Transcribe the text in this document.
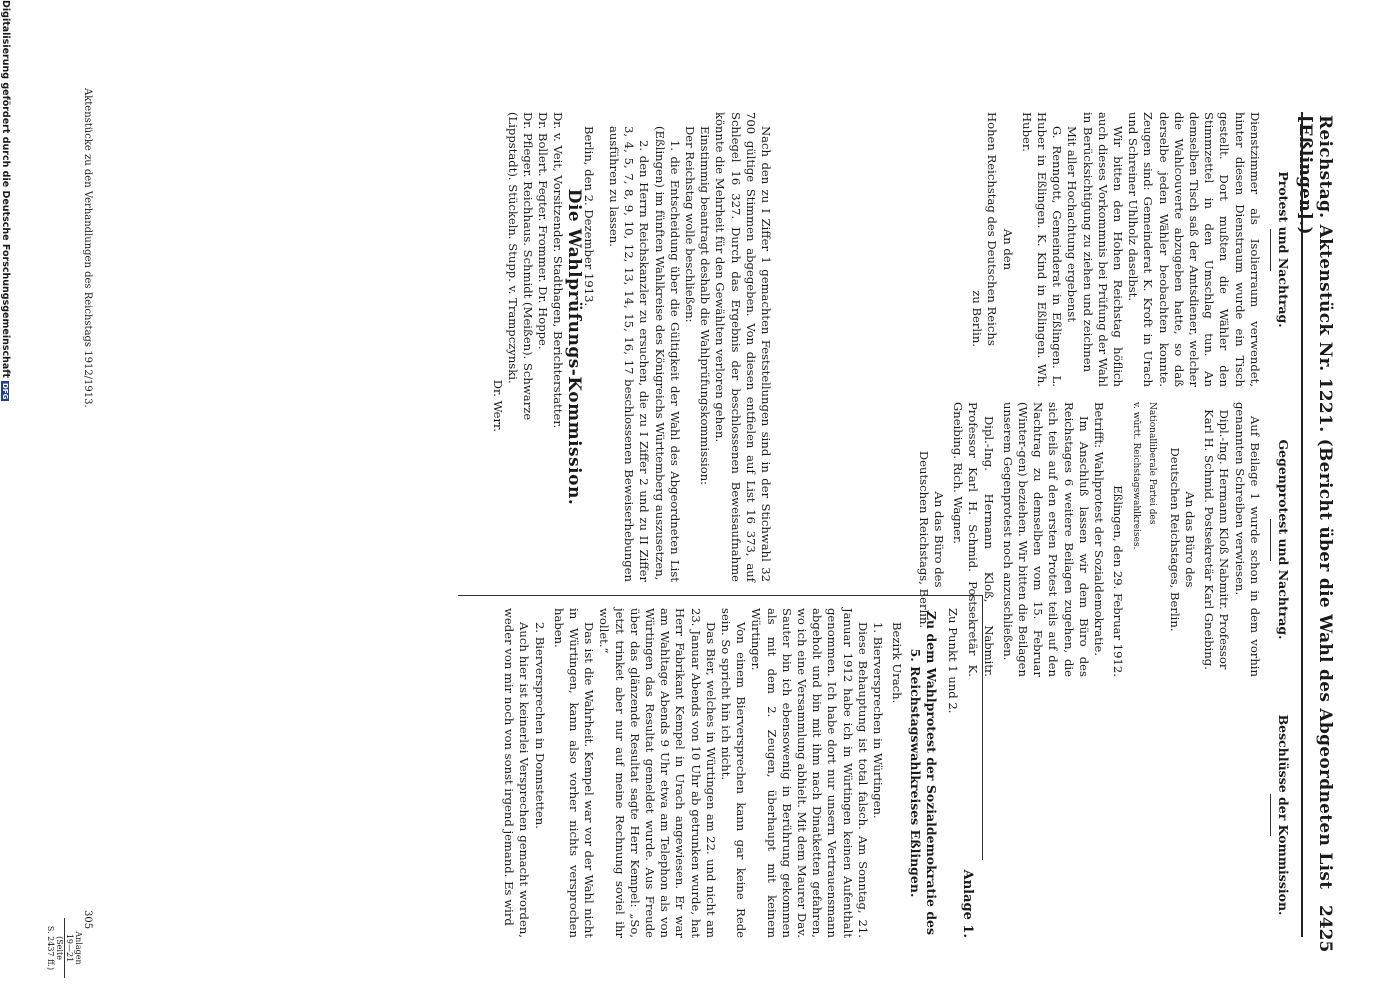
Reichstag. Aktenstück Nr. 1221. (Bericht über die Wahl des Abgeordneten List [Eßlingen].)
2425

Protest und Nachtrag.

Dienstzimmer als Isolierraum verwendet, hinter diesen Dienstraum wurde ein Tisch gestellt. Dort mußten die Wähler den Stimmzettel in den Umschlag tun. An demselben Tisch saß der Amtsdiener, welcher die Wahlcouverte abzugeben hatte, so daß derselbe jeden Wähler beobachten konnte. Zeugen sind: Gemeinderat K. Kroft in Urach und Schreiner Uhlholz daselbst.

Wir bitten den Hohen Reichstag höflich auch dieses Vorkommnis bei Prüfung der Wahl in Berücksichtigung zu ziehen und zeichnen

Mit aller Hochachtung ergebenst

G. Renngott, Gemeinderat in Eßlingen. L. Huber in Eßlingen. K. Kind in Eßlingen. Wh. Huber.

An den

Hohen Reichstag des Deutschen Reichs

zu Berlin.

Gegenprotest und Nachtrag.

Auf Beilage 1 wurde schon in dem vorhin genannten Schreiben verwiesen.

Dipl.-Ing. Hermann Kloß Nabmitr. Professor Karl H. Schmid. Postsekretär Karl Gneibing.

An das Büro des

Deutschen Reichstages, Berlin.

Nationalliberale Partei des

v. württ. Reichstagswahlkreises.

Eßlingen, den 29. Februar 1912.

Betrifft: Wahlprotest der Sozialdemokratie.

Im Anschluß lassen wir dem Büro des Reichstages 6 weitere Beilagen zugehen, die sich teils auf den ersten Protest teils auf den Nachtrag zu demselben vom 15. Februar (Winter-gen) beziehen. Wir bitten die Beilagen unserem Gegenprotest noch anzuschließen.

Dipl.-Ing. Hermann Kloß, Nabmitr. Professor Karl H. Schmid. Postsekretär K. Gneibing. Rich. Wagner.

An das Büro des

Deutschen Reichstags, Berlin.

Beschlüsse der Kommission.

Nach den zu I Ziffer 1 gemachten Feststellungen sind in der Stichwahl 32 700 gültige Stimmen abgegeben. Von diesen entfielen auf List 16 373, auf Schlegel 16 327. Durch das Ergebnis der beschlossenen Beweisaufnahme könnte die Mehrheit für den Gewählten verloren gehen.

Einstimmig beantragt deshalb die Wahlprüfungskommission:

Der Reichstag wolle beschließen:

1. die Entscheidung über die Gültigkeit der Wahl des Abgeordneten List (Eßlingen) im fünften Wahlkreise des Königreichs Württemberg auszusetzen,

2. den Herrn Reichskanzler zu ersuchen, die zu I Ziffer 2 und zu II Ziffer 3, 4, 5, 7, 8, 9, 10, 12, 13, 14, 15, 16, 17 beschlossenen Beweiserhebungen ausführen zu lassen.

Berlin, den 2. Dezember 1913.

Die Wahlprüfungs-Kommission.

Dr. v. Veit, Vorsitzender. Stadthagen, Berichterstatter.

Dr. Bollert. Fegter. Frommer. Dr. Hoppe.

Dr. Pfleger. Reichhaus. Schmidt (Meißen). Schwarze

(Lippstadt). Stückeln. Stupp. v. Trampczynski.

Dr. Werr.

Anlage 1.

Zu Punkt 1 und 2.

Zu dem Wahlprotest der Sozialdemokratie des

5. Reichstagswahlkreises Eßlingen.

Bezirk Urach.

1. Bierversprechen in Würtingen.

Diese Behauptung ist total falsch. Am Sonntag, 21. Januar 1912 habe ich in Würtingen keinen Aufenthalt genommen. Ich habe dort nur unsern Vertrauensmann abgeholt und bin mit ihm nach Dinatketten gefahren, wo ich eine Versammlung abhielt. Mit dem Maurer Dav. Sauter bin ich ebensowenig in Berührung gekommen als mit dem 2. Zeugen, überhaupt mit keinem Würtinger.

Von einem Bierversprechen kann gar keine Rede sein. So spricht hin ich nicht.

Das Bier, welches in Würtingen am 22. und nicht am 23. Januar Abends von 10 Uhr ab getrunken wurde, hat Herr Fabrikant Kempel in Urach angewiesen. Er war am Wahltage Abends 9 Uhr etwa am Telephon als von Würtingen das Resultat gemeldet wurde. Aus Freude über das glänzende Resultat sagte Herr Kempel: „So, jetzt trinket aber nur auf meine Rechnung soviel ihr wollet.“

Das ist die Wahrheit. Kempel war vor der Wahl nicht in Würtingen, kann also vorher nichts versprochen haben.

2. Bierversprechen in Donnstetten.

Auch hier ist keinerlei Versprechen gemacht worden, weder von mir noch von sonst irgend jemand. Es wird

Anlagen
19—21
(Seite
S. 2437 ff.)
Aktenstücke zu den Verhandlungen des Reichstags 1912/1913.
305
Digitalisierung gefördert durch die Deutsche ForschungsgemeinschaftDFG
